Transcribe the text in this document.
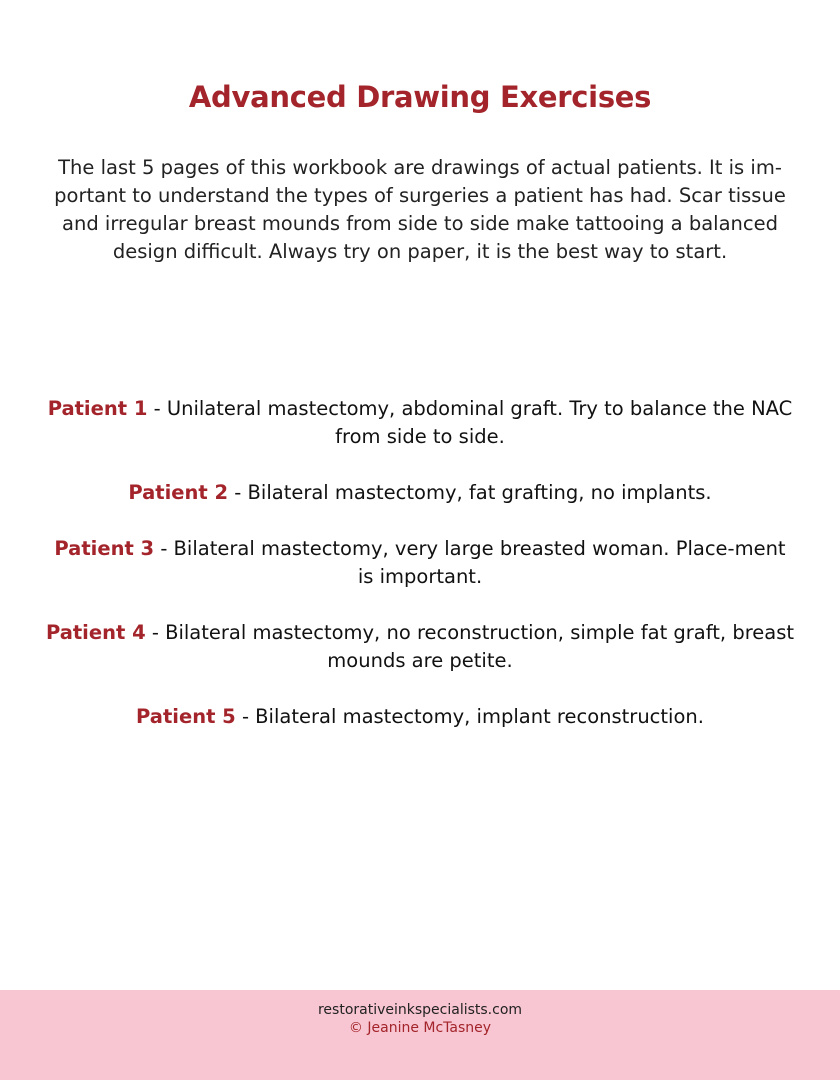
Advanced Drawing Exercises

The last 5 pages of this workbook are drawings of actual patients. It is im-portant to understand the types of surgeries a patient has had. Scar tissue and irregular breast mounds from side to side make tattooing a balanced design difficult. Always try on paper, it is the best way to start.

Patient 1 - Unilateral mastectomy, abdominal graft. Try to balance the NAC from side to side.
Patient 2 - Bilateral mastectomy, fat grafting, no implants.
Patient 3 - Bilateral mastectomy, very large breasted woman. Place-ment is important.
Patient 4 - Bilateral mastectomy, no reconstruction, simple fat graft, breast mounds are petite.
Patient 5 - Bilateral mastectomy, implant reconstruction.
restorativeinkspecialists.com
© Jeanine McTasney
